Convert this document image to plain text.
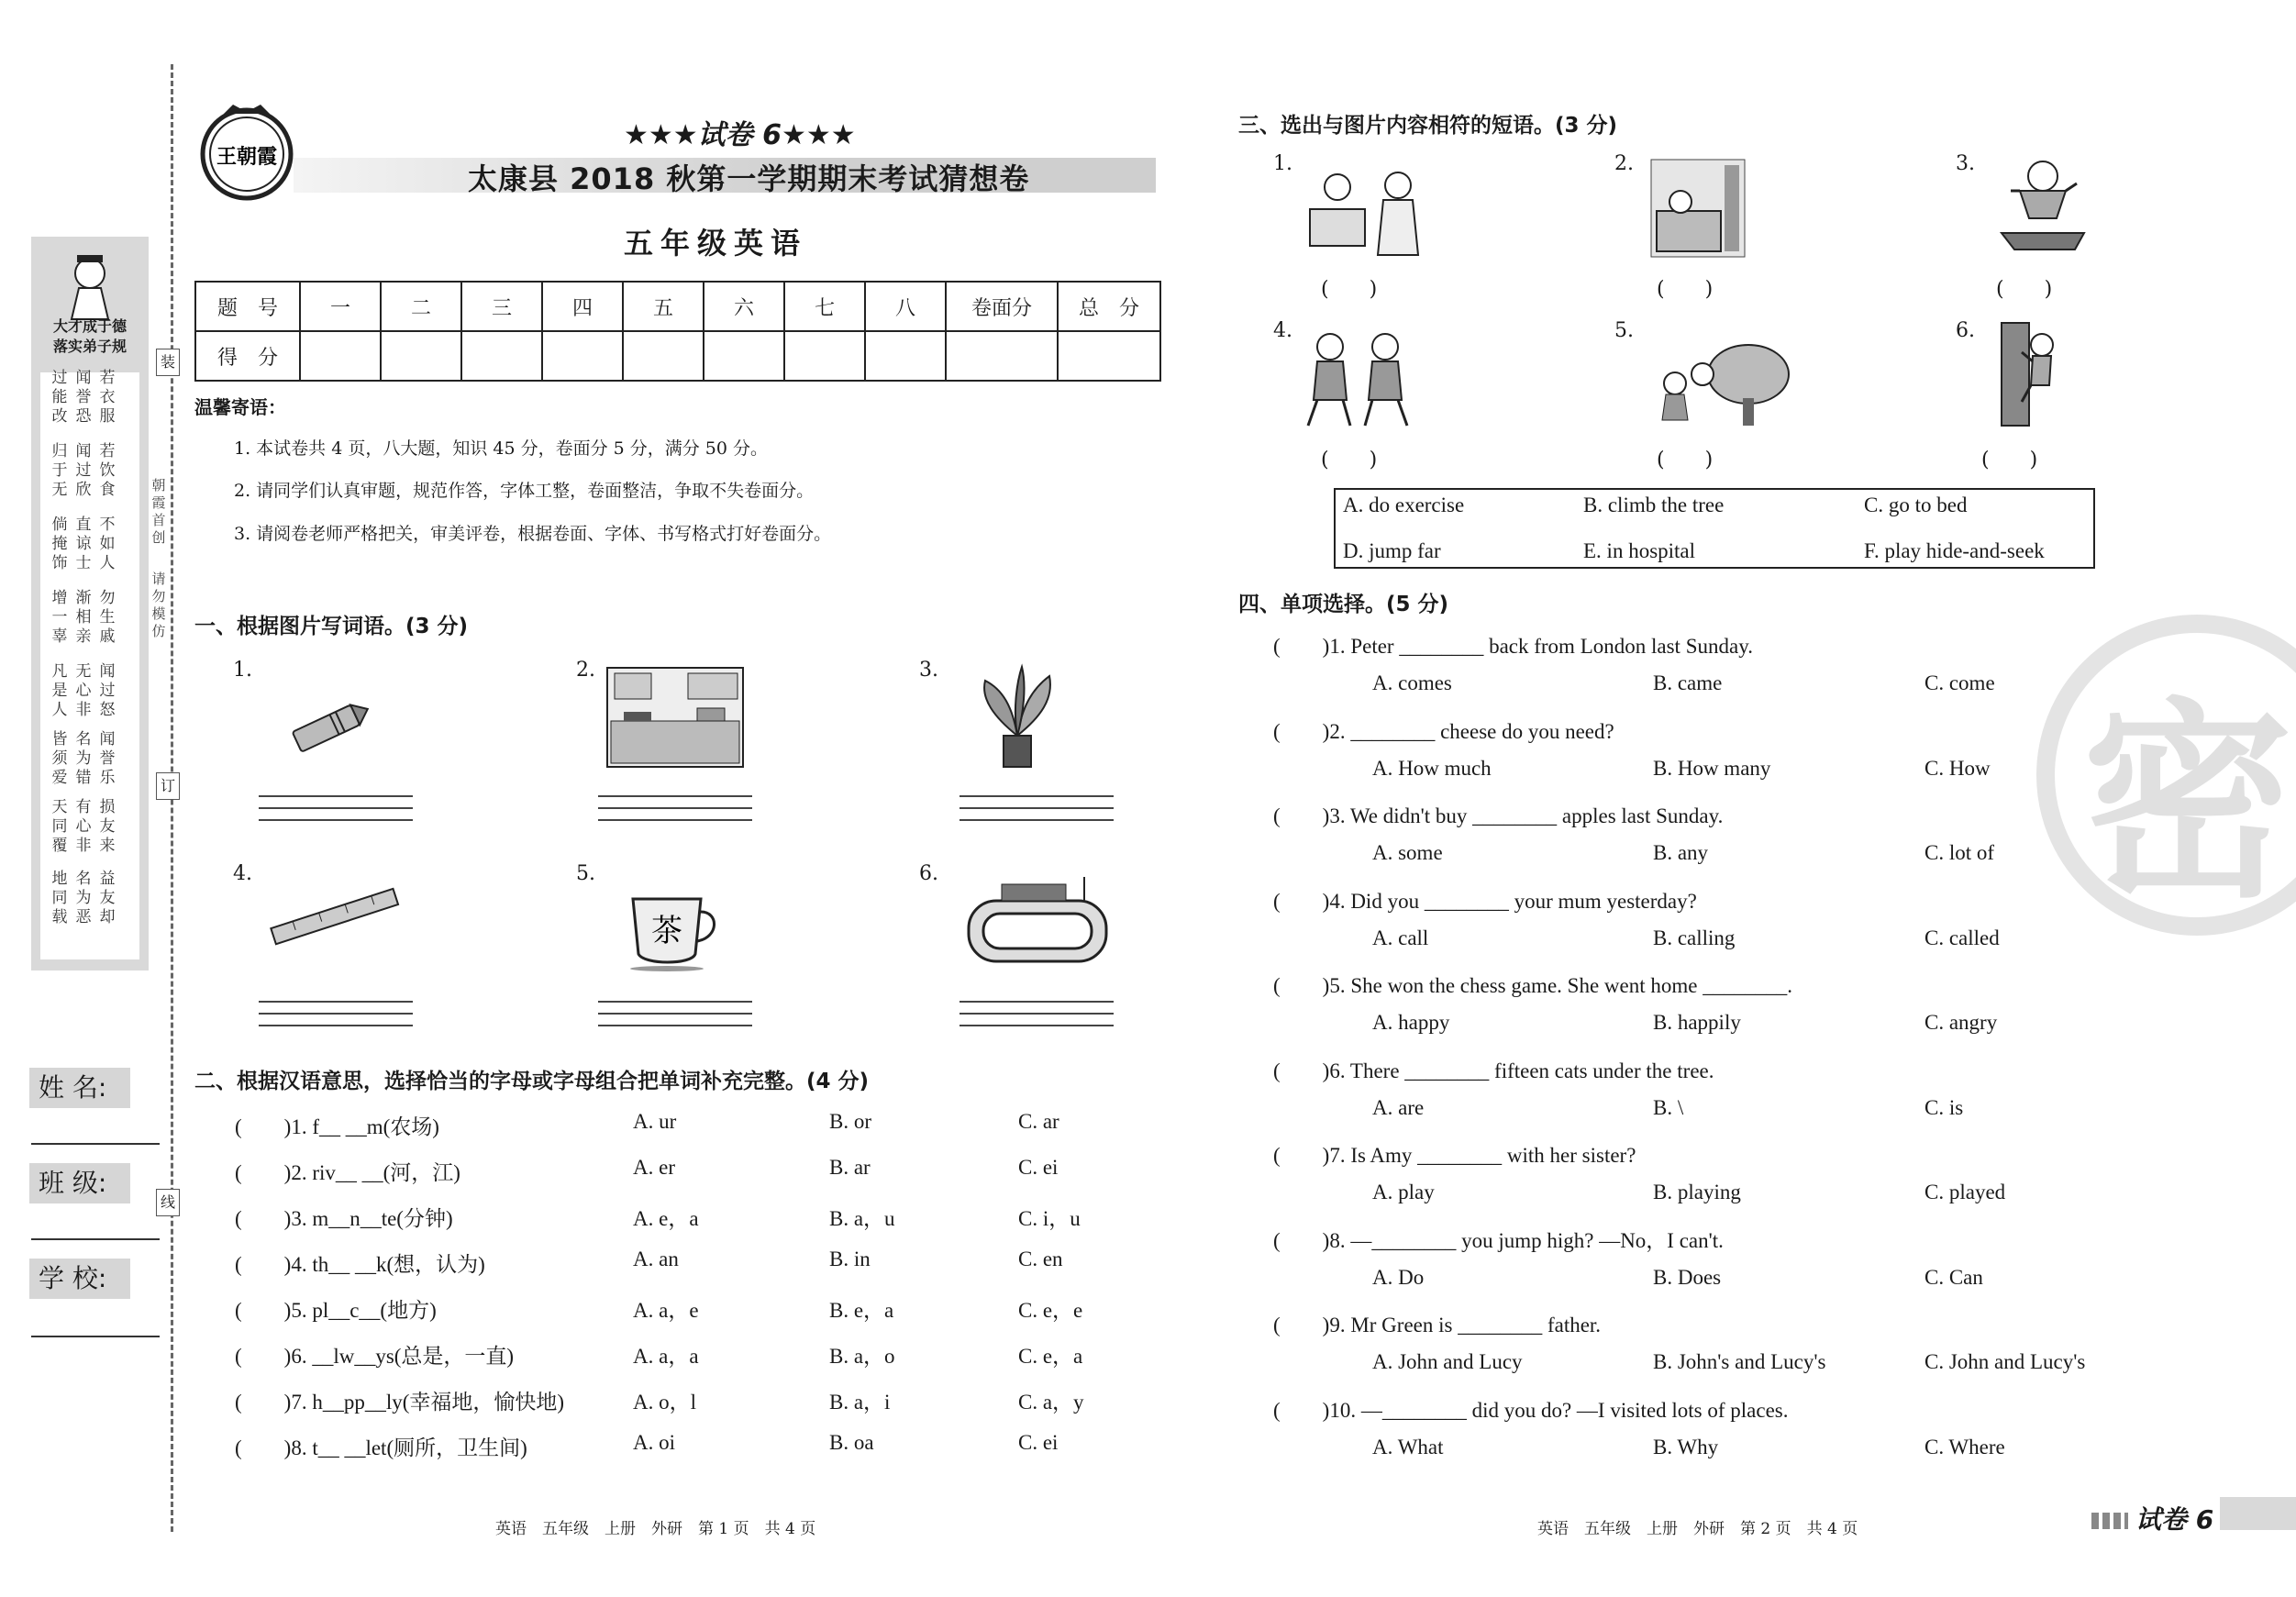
大才成于德
落实弟子规
过能改
闻誉恐
若衣服
归于无
闻过欣
若饮食
倘掩饰
直谅士
不如人
增一辜
渐相亲
勿生戚
凡是人
无心非
闻过怒
皆须爱
名为错
闻誉乐
天同覆
有心非
损友来
地同载
名为恶
益友却
朝霞首创
请勿模仿
装
订
线
姓 名:
班 级:
学 校:
王朝霞
★★★试卷 6★★★
太康县 2018 秋第一学期期末考试猜想卷
五年级英语
题　号	一	二	三	四	五	六	七	八	卷面分	总　分
得　分										
温馨寄语：
1. 本试卷共 4 页，八大题，知识 45 分，卷面分 5 分，满分 50 分。
2. 请同学们认真审题，规范作答，字体工整，卷面整洁，争取不失卷面分。
3. 请阅卷老师严格把关，审美评卷，根据卷面、字体、书写格式打好卷面分。
一、根据图片写词语。(3 分)
1.	2.	3.
4.	5.
茶
6.
二、根据汉语意思，选择恰当的字母或字母组合把单词补充完整。(4 分)
(　　)1. f__ __m(农场)	A. ur	B. or	C. ar
(　　)2. riv__ __(河，江)	A. er	B. ar	C. ei
(　　)3. m__n__te(分钟)	A. e，a	B. a，u	C. i，u
(　　)4. th__ __k(想，认为)	A. an	B. in	C. en
(　　)5. pl__c__(地方)	A. a，e	B. e，a	C. e，e
(　　)6. __lw__ys(总是，一直)	A. a，a	B. a，o	C. e，a
(　　)7. h__pp__ly(幸福地，愉快地)	A. o，l	B. a，i	C. a，y
(　　)8. t__ __let(厕所，卫生间)	A. oi	B. oa	C. ei
英语　五年级　上册　外研　第 1 页　共 4 页
三、选出与图片内容相符的短语。(3 分)
1.
(　　)
2.
(　　)
3.
(　　)
4.
(　　)
5.
(　　)
6.
(　　)
A. do exercise	B. climb the tree	C. go to bed
D. jump far	E. in hospital	F. play hide-and-seek
四、单项选择。(5 分)
(　　)1. Peter ________ back from London last Sunday.
A. comes	B. came	C. come
(　　)2. ________ cheese do you need?
A. How much	B. How many	C. How
(　　)3. We didn't buy ________ apples last Sunday.
A. some	B. any	C. lot of
(　　)4. Did you ________ your mum yesterday?
A. call	B. calling	C. called
(　　)5. She won the chess game. She went home ________.
A. happy	B. happily	C. angry
(　　)6. There ________ fifteen cats under the tree.
A. are	B. \	C. is
(　　)7. Is Amy ________ with her sister?
A. play	B. playing	C. played
(　　)8. —________ you jump high? —No，I can't.
A. Do	B. Does	C. Can
(　　)9. Mr Green is ________ father.
A. John and Lucy	B. John's and Lucy's	C. John and Lucy's
(　　)10. —________ did you do? —I visited lots of places.
A. What	B. Why	C. Where
密
英语　五年级　上册　外研　第 2 页　共 4 页	试卷 6
